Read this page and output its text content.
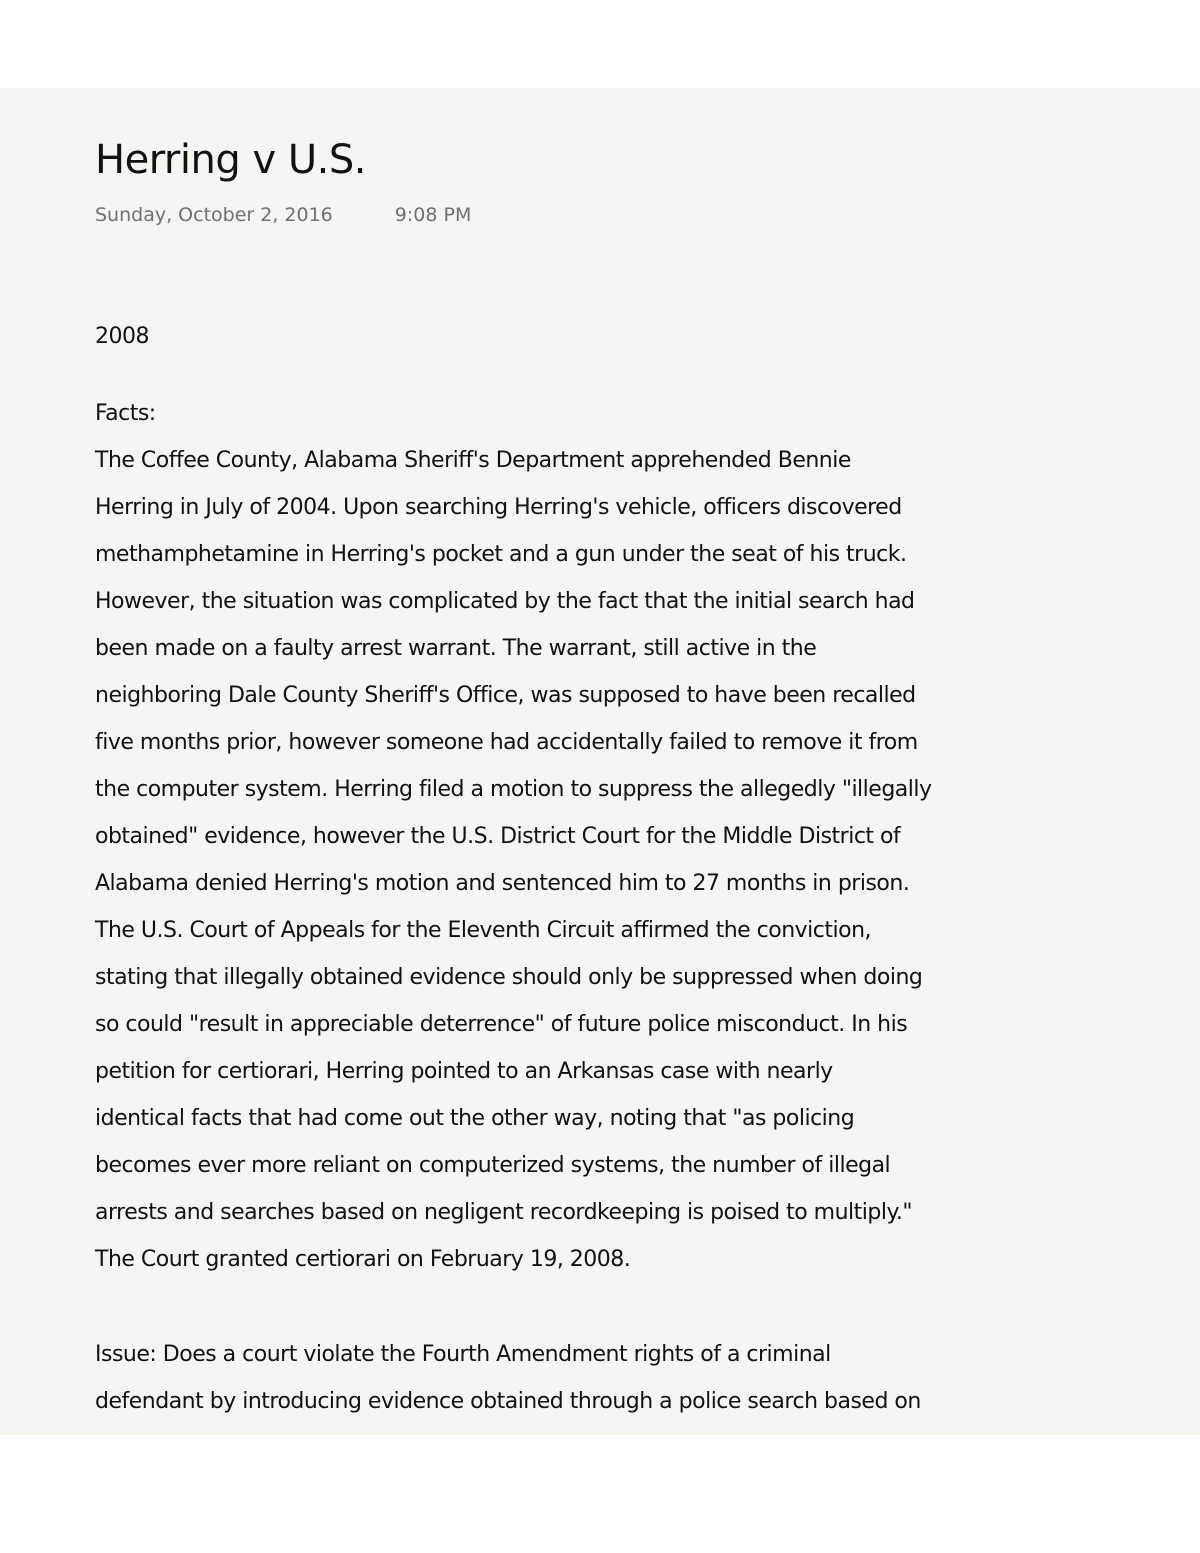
Herring v U.S.
Sunday, October 2, 2016	9:08 PM
2008
Facts:
The Coffee County, Alabama Sheriff's Department apprehended Bennie
Herring in July of 2004. Upon searching Herring's vehicle, officers discovered
methamphetamine in Herring's pocket and a gun under the seat of his truck.
However, the situation was complicated by the fact that the initial search had
been made on a faulty arrest warrant. The warrant, still active in the
neighboring Dale County Sheriff's Office, was supposed to have been recalled
five months prior, however someone had accidentally failed to remove it from
the computer system. Herring filed a motion to suppress the allegedly "illegally
obtained" evidence, however the U.S. District Court for the Middle District of
Alabama denied Herring's motion and sentenced him to 27 months in prison.
The U.S. Court of Appeals for the Eleventh Circuit affirmed the conviction,
stating that illegally obtained evidence should only be suppressed when doing
so could "result in appreciable deterrence" of future police misconduct. In his
petition for certiorari, Herring pointed to an Arkansas case with nearly
identical facts that had come out the other way, noting that "as policing
becomes ever more reliant on computerized systems, the number of illegal
arrests and searches based on negligent recordkeeping is poised to multiply."
The Court granted certiorari on February 19, 2008.
Issue: Does a court violate the Fourth Amendment rights of a criminal
defendant by introducing evidence obtained through a police search based on
